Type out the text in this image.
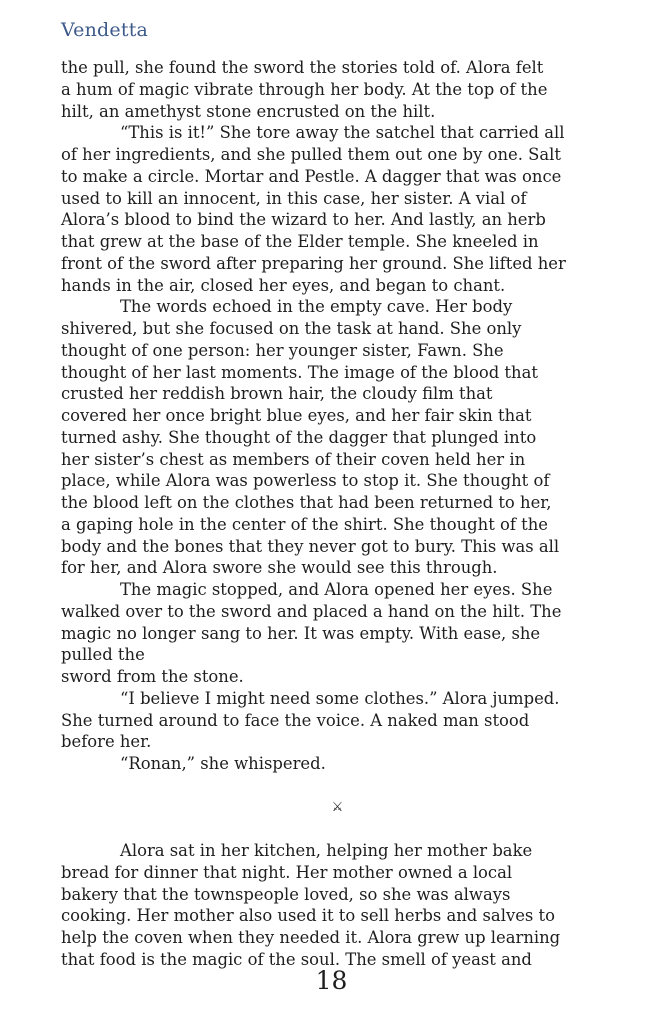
Vendetta
the pull, she found the sword the stories told of. Alora felt
a hum of magic vibrate through her body. At the top of the
hilt, an amethyst stone encrusted on the hilt.
“This is it!” She tore away the satchel that carried all
of her ingredients, and she pulled them out one by one. Salt
to make a circle. Mortar and Pestle. A dagger that was once
used to kill an innocent, in this case, her sister. A vial of
Alora’s blood to bind the wizard to her. And lastly, an herb
that grew at the base of the Elder temple. She kneeled in
front of the sword after preparing her ground. She lifted her
hands in the air, closed her eyes, and began to chant.
The words echoed in the empty cave. Her body
shivered, but she focused on the task at hand. She only
thought of one person: her younger sister, Fawn. She
thought of her last moments. The image of the blood that
crusted her reddish brown hair, the cloudy film that
covered her once bright blue eyes, and her fair skin that
turned ashy. She thought of the dagger that plunged into
her sister’s chest as members of their coven held her in
place, while Alora was powerless to stop it. She thought of
the blood left on the clothes that had been returned to her,
a gaping hole in the center of the shirt. She thought of the
body and the bones that they never got to bury. This was all
for her, and Alora swore she would see this through.
The magic stopped, and Alora opened her eyes. She
walked over to the sword and placed a hand on the hilt. The
magic no longer sang to her. It was empty. With ease, she
pulled the
sword from the stone.
“I believe I might need some clothes.” Alora jumped.
She turned around to face the voice. A naked man stood
before her.
“Ronan,” she whispered.
⚔
Alora sat in her kitchen, helping her mother bake
bread for dinner that night. Her mother owned a local
bakery that the townspeople loved, so she was always
cooking. Her mother also used it to sell herbs and salves to
help the coven when they needed it. Alora grew up learning
that food is the magic of the soul. The smell of yeast and
18
